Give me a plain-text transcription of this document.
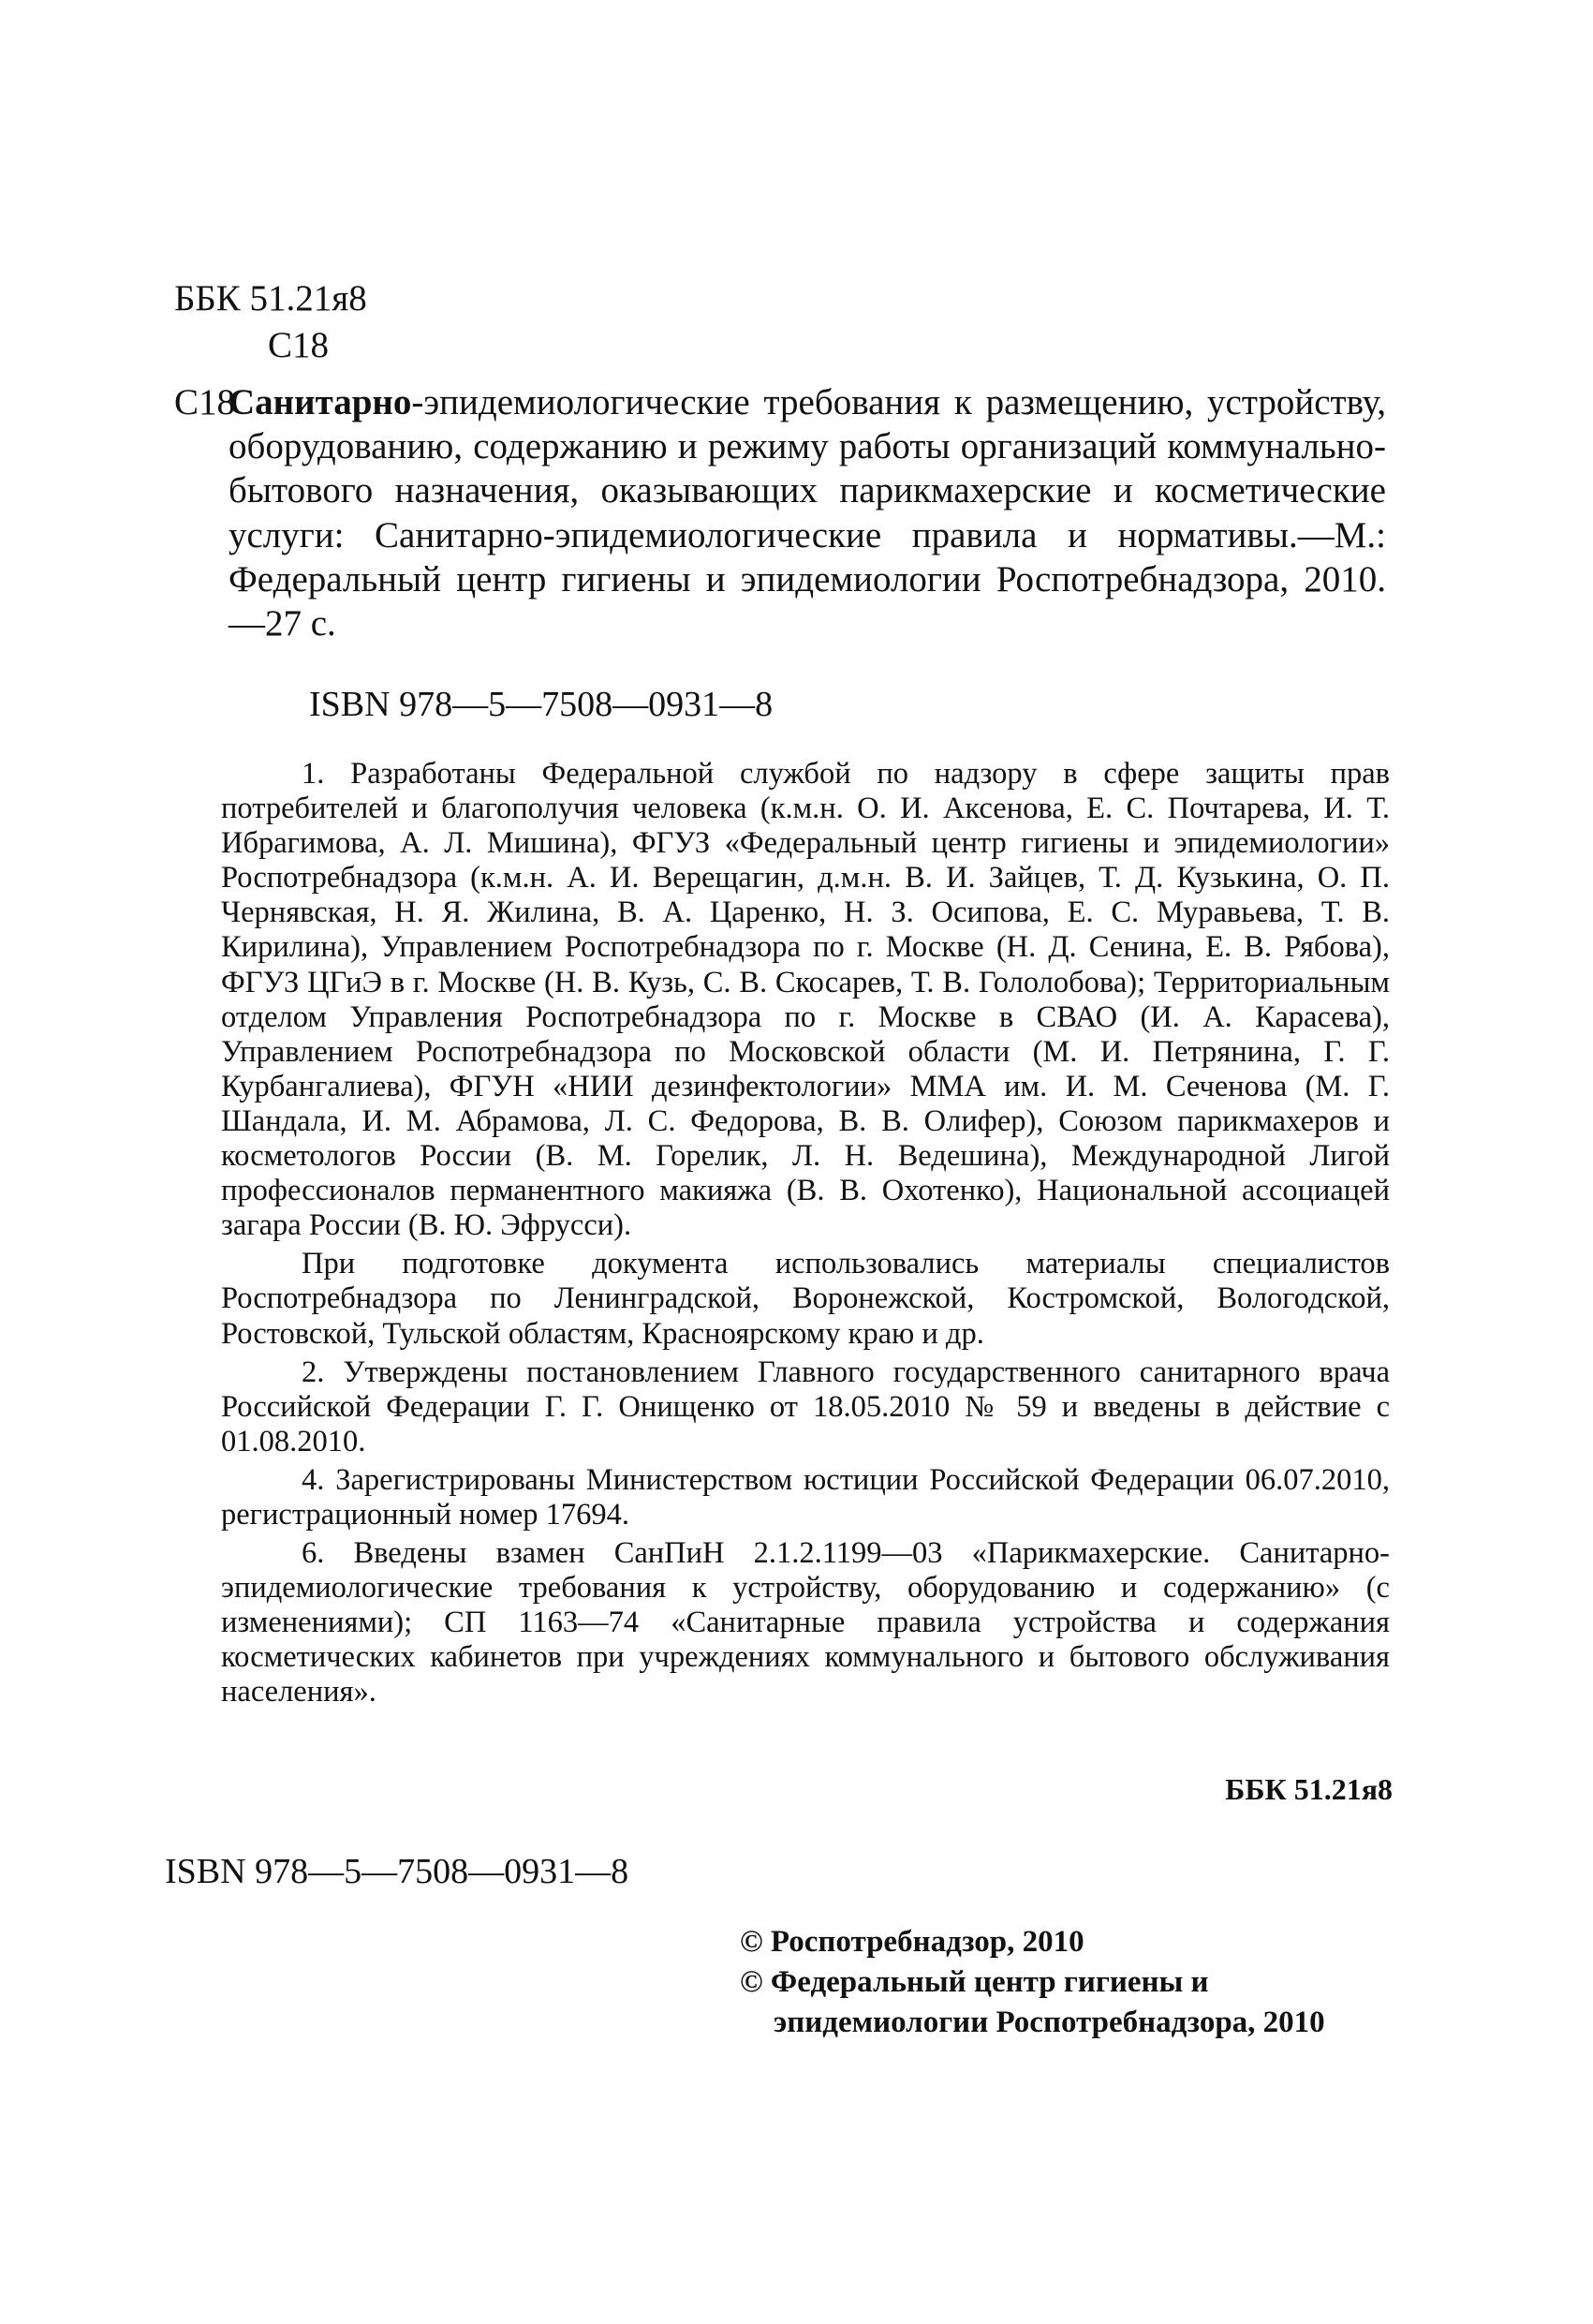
ББК 51.21я8
С18
С18
Санитарно-эпидемиологические требования к размещению, устройству, оборудованию, содержанию и режиму работы организаций коммунально-бытового назначения, оказывающих парикмахерские и косметические услуги: Санитарно-эпидемиологические правила и нормативы.—М.: Федеральный центр гигиены и эпидемиологии Роспотребнадзора, 2010.—27 с.
ISBN 978—5—7508—0931—8

1. Разработаны Федеральной службой по надзору в сфере защиты прав потребителей и благополучия человека (к.м.н. О. И. Аксенова, Е. С. Почтарева, И. Т. Ибрагимова, А. Л. Мишина), ФГУЗ «Федеральный центр гигиены и эпидемиологии» Роспотребнадзора (к.м.н. А. И. Верещагин, д.м.н. В. И. Зайцев, Т. Д. Кузькина, О. П. Чернявская, Н. Я. Жилина, В. А. Царенко, Н. З. Осипова, Е. С. Муравьева, Т. В. Кирилина), Управлением Роспотребнадзора по г. Москве (Н. Д. Сенина, Е. В. Рябова), ФГУЗ ЦГиЭ в г. Москве (Н. В. Кузь, С. В. Скосарев, Т. В. Гололобова); Территориальным отделом Управления Роспотребнадзора по г. Москве в СВАО (И. А. Карасева), Управлением Роспотребнадзора по Московской области (М. И. Петрянина, Г. Г. Курбангалиева), ФГУН «НИИ дезинфектологии» ММА им. И. М. Сеченова (М. Г. Шандала, И. М. Абрамова, Л. С. Федорова, В. В. Олифер), Союзом парикмахеров и косметологов России (В. М. Горелик, Л. Н. Ведешина), Международной Лигой профессионалов перманентного макияжа (В. В. Охотенко), Национальной ассоциацей загара России (В. Ю. Эфрусси).

При подготовке документа использовались материалы специалистов Роспотребнадзора по Ленинградской, Воронежской, Костромской, Вологодской, Ростовской, Тульской областям, Красноярскому краю и др.

2. Утверждены постановлением Главного государственного санитарного врача Российской Федерации Г. Г. Онищенко от 18.05.2010 № 59 и введены в действие с 01.08.2010.

4. Зарегистрированы Министерством юстиции Российской Федерации 06.07.2010, регистрационный номер 17694.

6. Введены взамен СанПиН 2.1.2.1199—03 «Парикмахерские. Санитарно-эпидемиологические требования к устройству, оборудованию и содержанию» (с изменениями); СП 1163—74 «Санитарные правила устройства и содержания косметических кабинетов при учреждениях коммунального и бытового обслуживания населения».

ББК 51.21я8
ISBN 978—5—7508—0931—8
© Роспотребнадзор, 2010
© Федеральный центр гигиены и
эпидемиологии Роспотребнадзора, 2010
